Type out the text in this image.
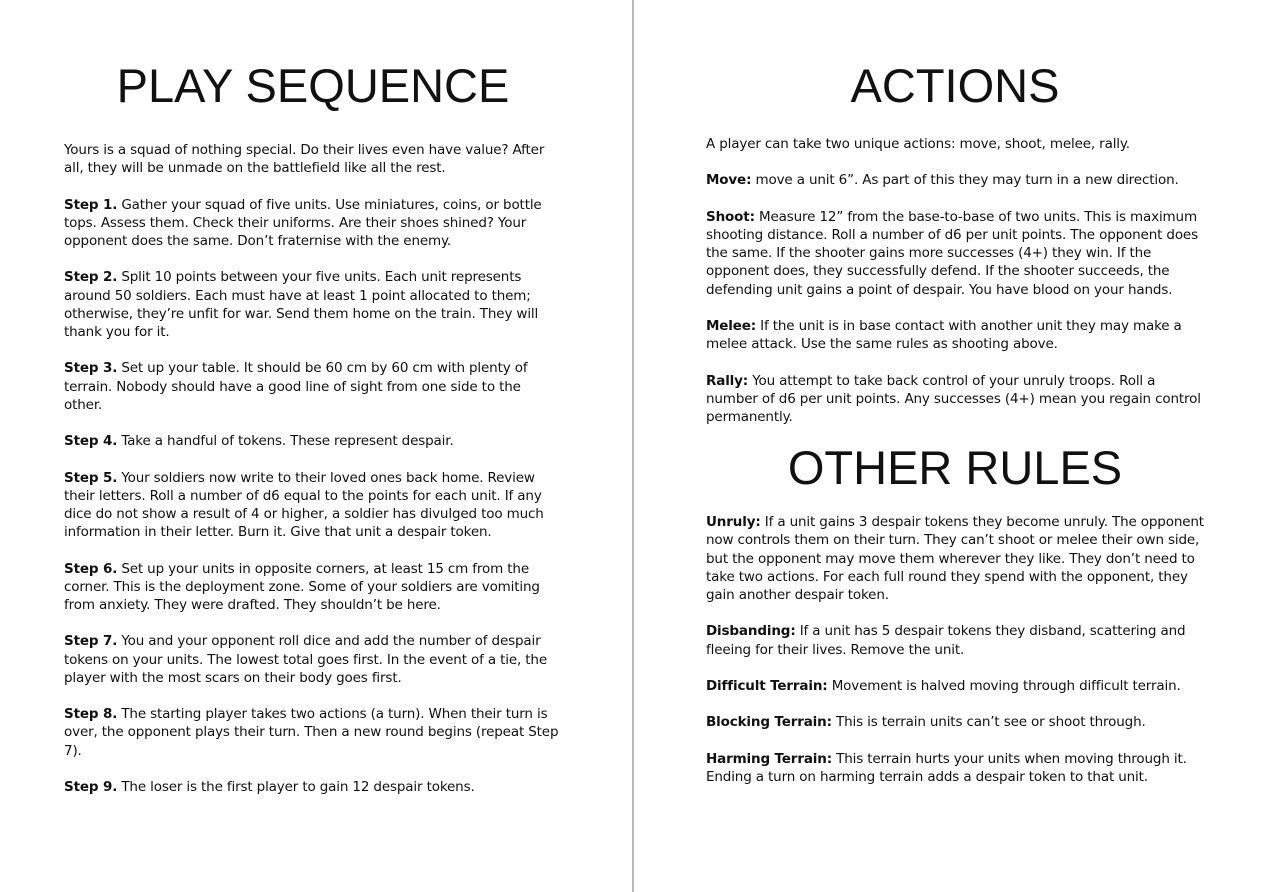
PLAY SEQUENCE

Yours is a squad of nothing special. Do their lives even have value? After all, they will be unmade on the battlefield like all the rest.

Step 1. Gather your squad of five units. Use miniatures, coins, or bottle tops. Assess them. Check their uniforms. Are their shoes shined? Your opponent does the same. Don’t fraternise with the enemy.

Step 2. Split 10 points between your five units. Each unit represents around 50 soldiers. Each must have at least 1 point allocated to them; otherwise, they’re unfit for war. Send them home on the train. They will thank you for it.

Step 3. Set up your table. It should be 60 cm by 60 cm with plenty of terrain. Nobody should have a good line of sight from one side to the other.

Step 4. Take a handful of tokens. These represent despair.

Step 5. Your soldiers now write to their loved ones back home. Review their letters. Roll a number of d6 equal to the points for each unit. If any dice do not show a result of 4 or higher, a soldier has divulged too much information in their letter. Burn it. Give that unit a despair token.

Step 6. Set up your units in opposite corners, at least 15 cm from the corner. This is the deployment zone. Some of your soldiers are vomiting from anxiety. They were drafted. They shouldn’t be here.

Step 7. You and your opponent roll dice and add the number of despair tokens on your units. The lowest total goes first. In the event of a tie, the player with the most scars on their body goes first.

Step 8. The starting player takes two actions (a turn). When their turn is over, the opponent plays their turn. Then a new round begins (repeat Step 7).

Step 9. The loser is the first player to gain 12 despair tokens.

ACTIONS

A player can take two unique actions: move, shoot, melee, rally.

Move: move a unit 6”. As part of this they may turn in a new direction.

Shoot: Measure 12” from the base-to-base of two units. This is maximum shooting distance. Roll a number of d6 per unit points. The opponent does the same. If the shooter gains more successes (4+) they win. If the opponent does, they successfully defend. If the shooter succeeds, the defending unit gains a point of despair. You have blood on your hands.

Melee: If the unit is in base contact with another unit they may make a melee attack. Use the same rules as shooting above.

Rally: You attempt to take back control of your unruly troops. Roll a number of d6 per unit points. Any successes (4+) mean you regain control permanently.

OTHER RULES

Unruly: If a unit gains 3 despair tokens they become unruly. The opponent now controls them on their turn. They can’t shoot or melee their own side, but the opponent may move them wherever they like. They don’t need to take two actions. For each full round they spend with the opponent, they gain another despair token.

Disbanding: If a unit has 5 despair tokens they disband, scattering and fleeing for their lives. Remove the unit.

Difficult Terrain: Movement is halved moving through difficult terrain.

Blocking Terrain: This is terrain units can’t see or shoot through.

Harming Terrain: This terrain hurts your units when moving through it. Ending a turn on harming terrain adds a despair token to that unit.
